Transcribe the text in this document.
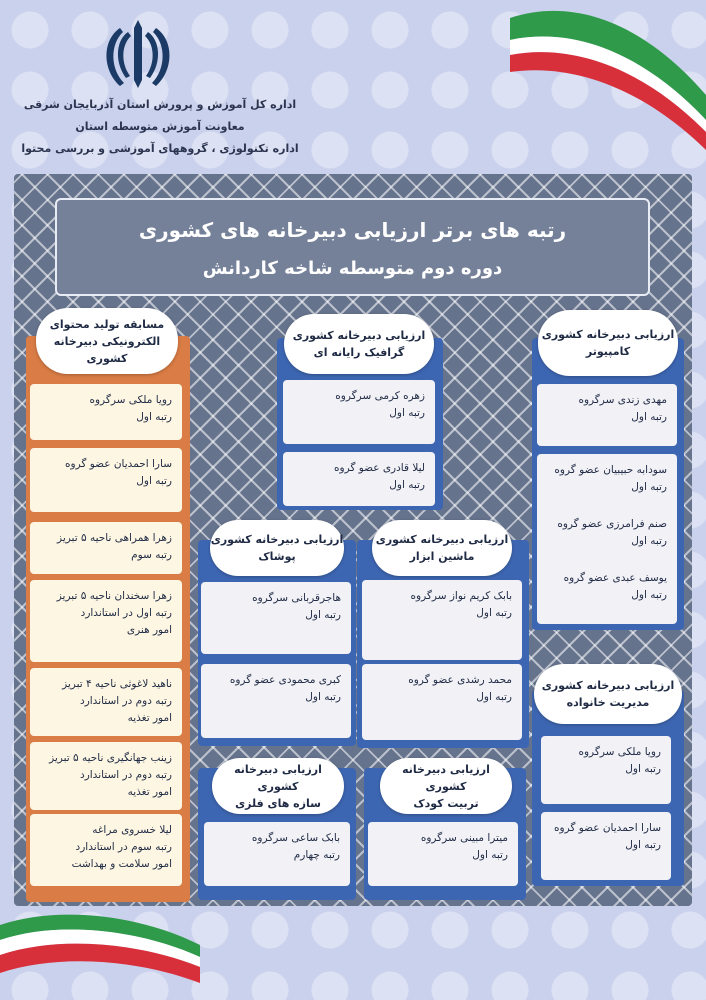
اداره کل آموزش و پرورش استان آذربایجان شرقی
معاونت آموزش متوسطه استان
اداره تکنولوژی ، گروههای آموزشی و بررسی محتوا
رتبه های برتر ارزیابی دبیرخانه های کشوری
دوره دوم متوسطه شاخه کاردانش
مسابقه تولید محتوای
الکترونیکی دبیرخانه کشوری
رویا ملکی سرگروه
رتبه اول
سارا احمدیان عضو گروه
رتبه اول
زهرا همراهی ناحیه ۵ تبریز
رتبه سوم
زهرا سخندان ناحیه ۵ تبریز
رتبه اول در استاندارد
امور هنری
ناهید لاغوثی ناحیه ۴ تبریز
رتبه دوم در استاندارد
امور تغذیه
زینب جهانگیری ناحیه ۵ تبریز
رتبه دوم در استاندارد
امور تغذیه
لیلا خسروی مراغه
رتبه سوم در استاندارد
امور سلامت و بهداشت
ارزیابی دبیرخانه کشوری
گرافیک رایانه ای
زهره کرمی سرگروه
رتبه اول
لیلا قادری عضو گروه
رتبه اول
ارزیابی دبیرخانه کشوری
کامپیوتر
مهدی زندی سرگروه
رتبه اول
سودابه حبیبیان عضو گروه
رتبه اول
صنم فرامرزی عضو گروه
رتبه اول
یوسف عبدی عضو گروه
رتبه اول
ارزیابی دبیرخانه کشوری
پوشاک
هاجرقربانی سرگروه
رتبه اول
کبری محمودی عضو گروه
رتبه اول
ارزیابی دبیرخانه کشوری
ماشین ابزار
بابک کریم نواز سرگروه
رتبه اول
محمد رشدی عضو گروه
رتبه اول
ارزیابی دبیرخانه کشوری
مدیریت خانواده
رویا ملکی سرگروه
رتبه اول
سارا احمدیان عضو گروه
رتبه اول
ارزیابی دبیرخانه کشوری
سازه های فلزی
بابک ساعی سرگروه
رتبه چهارم
ارزیابی دبیرخانه کشوری
تربیت کودک
میترا مبینی سرگروه
رتبه اول
